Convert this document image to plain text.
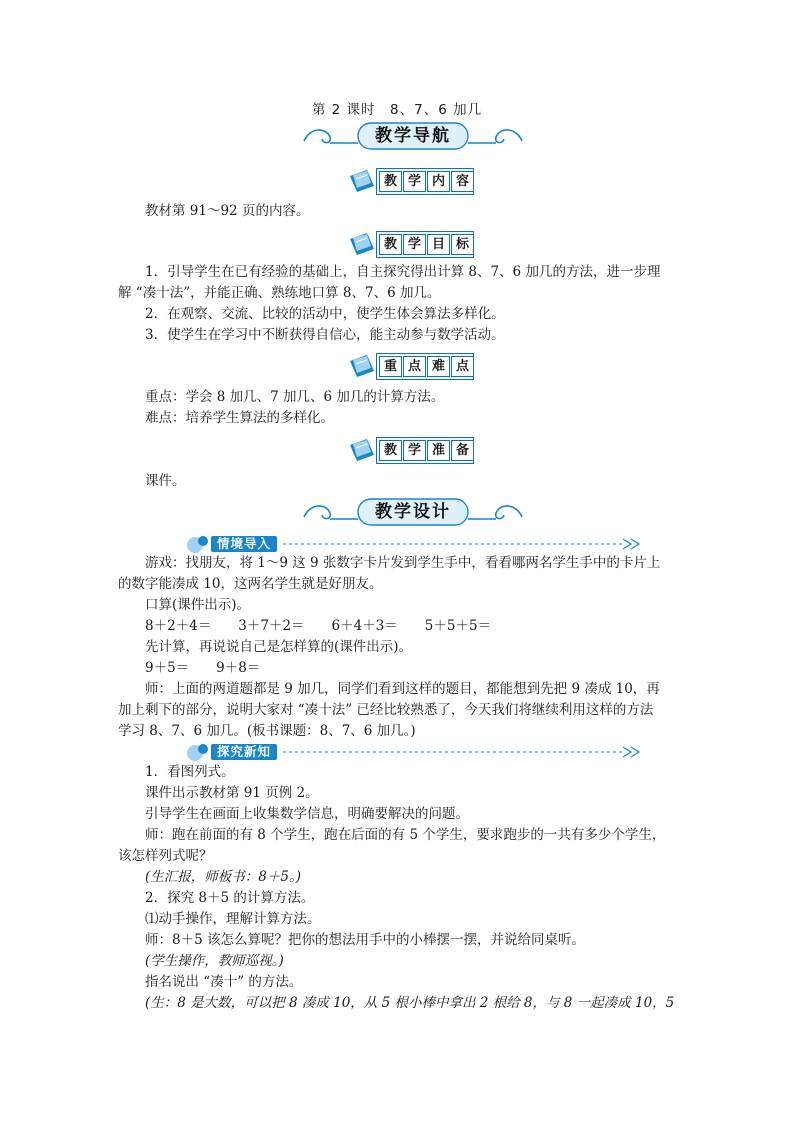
第 2 课时　8、7、6 加几
教学导航
教 学 内 容
教材第 91～92 页的内容。
教 学 目 标
1．引导学生在已有经验的基础上，自主探究得出计算 8、7、6 加几的方法，进一步理
解 “凑十法”，并能正确、熟练地口算 8、7、6 加几。
2．在观察、交流、比较的活动中，使学生体会算法多样化。
3．使学生在学习中不断获得自信心，能主动参与数学活动。
重 点 难 点
重点：学会 8 加几、7 加几、6 加几的计算方法。
难点：培养学生算法的多样化。
教 学 准 备
课件。
教学设计
情境导入
游戏：找朋友，将 1～9 这 9 张数字卡片发到学生手中，看看哪两名学生手中的卡片上
的数字能凑成 10，这两名学生就是好朋友。
口算(课件出示)。
8＋2＋4＝　　3＋7＋2＝　　6＋4＋3＝　　5＋5＋5＝
先计算，再说说自己是怎样算的(课件出示)。
9＋5＝　　9＋8＝
师：上面的两道题都是 9 加几，同学们看到这样的题目，都能想到先把 9 凑成 10，再
加上剩下的部分，说明大家对 “凑十法” 已经比较熟悉了，今天我们将继续利用这样的方法
学习 8、7、6 加几。(板书课题：8、7、6 加几。)
探究新知
1．看图列式。
课件出示教材第 91 页例 2。
引导学生在画面上收集数学信息，明确要解决的问题。
师：跑在前面的有 8 个学生，跑在后面的有 5 个学生，要求跑步的一共有多少个学生，
该怎样列式呢？
(生汇报，师板书：8＋5。)
2．探究 8＋5 的计算方法。
⑴动手操作，理解计算方法。
师：8＋5 该怎么算呢？把你的想法用手中的小棒摆一摆，并说给同桌听。
(学生操作，教师巡视。)
指名说出 “凑十” 的方法。
(生：8 是大数，可以把 8 凑成 10，从 5 根小棒中拿出 2 根给 8，与 8 一起凑成 10，5
